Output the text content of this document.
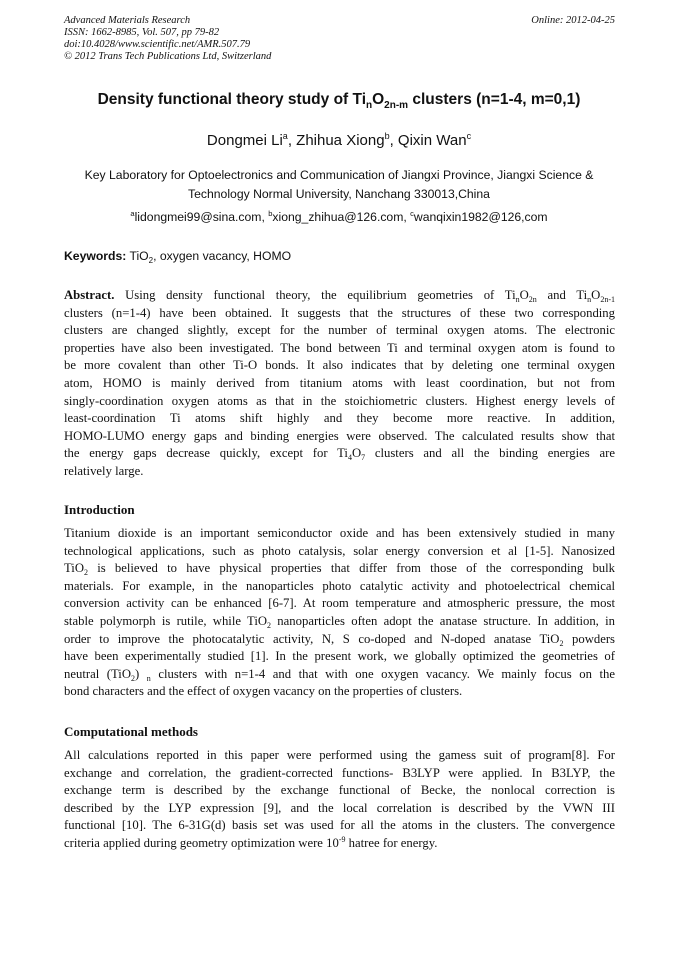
Advanced Materials Research
ISSN: 1662-8985, Vol. 507, pp 79-82
doi:10.4028/www.scientific.net/AMR.507.79
© 2012 Trans Tech Publications Ltd, Switzerland
Online: 2012-04-25
Density functional theory study of $Ti_nO_{2n-m}$ clusters (n=1-4, m=0,1)
Dongmei Li$^a$, Zhihua Xiong$^b$, Qixin Wan$^c$
Key Laboratory for Optoelectronics and Communication of Jiangxi Province, Jiangxi Science &
Technology Normal University, Nanchang 330013,China
$^a$lidongmei99@sina.com, $^b$xiong_zhihua@126.com, $^c$wanqixin1982@126,com
Keywords: TiO$_2$, oxygen vacancy, HOMO
Abstract. Using density functional theory, the equilibrium geometries of $Ti_nO_{2n}$ and $Ti_nO_{2n-1}$
clusters (n=1-4) have been obtained. It suggests that the structures of these two corresponding
clusters are changed slightly, except for the number of terminal oxygen atoms. The electronic
properties have also been investigated. The bond between Ti and terminal oxygen atom is found to
be more covalent than other Ti-O bonds. It also indicates that by deleting one terminal oxygen
atom, HOMO is mainly derived from titanium atoms with least coordination, but not from
singly-coordination oxygen atoms as that in the stoichiometric clusters. Highest energy levels of
least-coordination Ti atoms shift highly and they become more reactive. In addition,
HOMO-LUMO energy gaps and binding energies were observed. The calculated results show that
the energy gaps decrease quickly, except for $Ti_4O_7$ clusters and all the binding energies are
relatively large.
Introduction
Titanium dioxide is an important semiconductor oxide and has been extensively studied in many
technological applications, such as photo catalysis, solar energy conversion et al [1-5]. Nanosized
TiO$_2$ is believed to have physical properties that differ from those of the corresponding bulk
materials. For example, in the nanoparticles photo catalytic activity and photoelectrical chemical
conversion activity can be enhanced [6-7]. At room temperature and atmospheric pressure, the most
stable polymorph is rutile, while TiO$_2$ nanoparticles often adopt the anatase structure. In addition, in
order to improve the photocatalytic activity, N, S co-doped and N-doped anatase TiO$_2$ powders
have been experimentally studied [1]. In the present work, we globally optimized the geometries of
neutral (TiO$_2$) $_n$ clusters with n=1-4 and that with one oxygen vacancy. We mainly focus on the
bond characters and the effect of oxygen vacancy on the properties of clusters.
Computational methods
All calculations reported in this paper were performed using the gamess suit of program[8]. For
exchange and correlation, the gradient-corrected functions- B3LYP were applied. In B3LYP, the
exchange term is described by the exchange functional of Becke, the nonlocal correction is
described by the LYP expression [9], and the local correlation is described by the VWN III
functional [10]. The 6-31G(d) basis set was used for all the atoms in the clusters. The convergence
criteria applied during geometry optimization were $10^{-9}$ hatree for energy.
